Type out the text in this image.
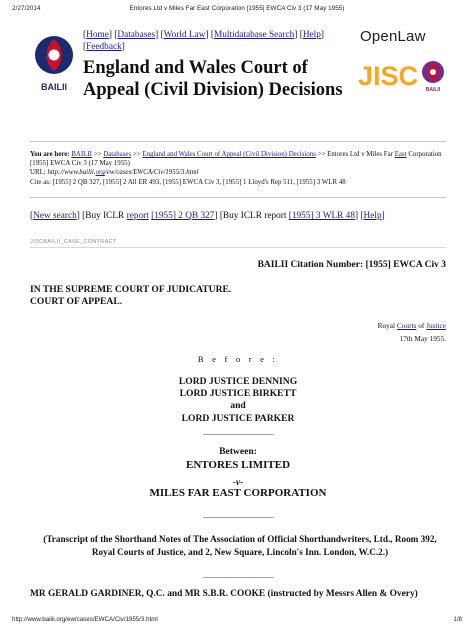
2/27/2014	Entores Ltd v Miles Far East Corporation [1955] EWCA Civ 3 (17 May 1955)
BAILII
[Home] [Databases] [World Law] [Multidatabase Search] [Help]
[Feedback]
England and Wales Court of Appeal (Civil Division) Decisions
OpenLaw
JISC BAILII
You are here: BAILII >> Databases >> England and Wales Court of Appeal (Civil Division) Decisions >> Entores Ltd v Miles Far East Corporation [1955] EWCA Civ 3 (17 May 1955)
URL: http://www.bailii.org/ew/cases/EWCA/Civ/1955/3.html
Cite as: [1955] 2 QB 327, [1955] 2 All ER 493, [1955] EWCA Civ 3, [1955] 1 Lloyd's Rep 511, [1955] 3 WLR 48
[New search] [Buy ICLR report [1955] 2 QB 327] [Buy ICLR report [1955] 3 WLR 48] [Help]
JISCBAILII_CASE_CONTRACT
BAILII Citation Number: [1955] EWCA Civ 3
IN THE SUPREME COURT OF JUDICATURE.
COURT OF APPEAL.
Royal Courts of Justice
17th May 1955.
B e f o r e :
LORD JUSTICE DENNING
LORD JUSTICE BIRKETT
and
LORD JUSTICE PARKER
____________________
Between:
ENTORES LIMITED
-v-
MILES FAR EAST CORPORATION
____________________
(Transcript of the Shorthand Notes of The Association of Official Shorthandwriters, Ltd., Room 392, Royal Courts of Justice, and 2, New Square, Lincoln's Inn. London, W.C.2.)
____________________
MR GERALD GARDINER, Q.C. and MR S.B.R. COOKE (instructed by Messrs Allen & Overy)
http://www.bailii.org/ew/cases/EWCA/Civ/1955/3.html	1/8
